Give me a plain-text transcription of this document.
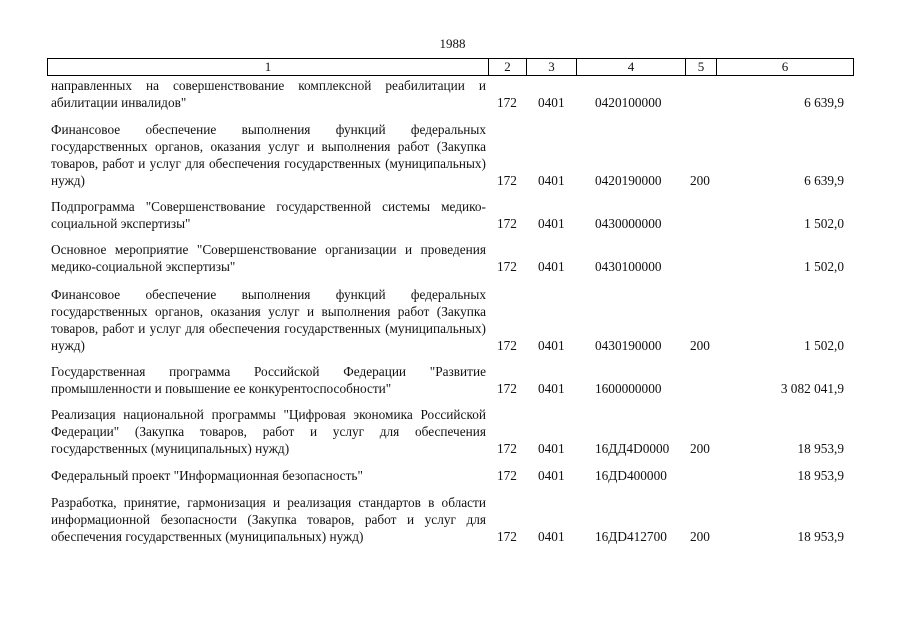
1988
1	2	3	4	5	6
направленных на совершенствование комплексной реабилитации и абилитации инвалидов"	172 0401 0420100000	6 639,9
Финансовое обеспечение выполнения функций федеральных государственных органов, оказания услуг и выполнения работ (Закупка товаров, работ и услуг для обеспечения государственных (муниципальных) нужд)	172 0401 0420190000 200	6 639,9
Подпрограмма "Совершенствование государственной системы медико-социальной экспертизы"	172 0401 0430000000	1 502,0
Основное мероприятие "Совершенствование организации и проведения медико-социальной экспертизы"	172 0401 0430100000	1 502,0
Финансовое обеспечение выполнения функций федеральных государственных органов, оказания услуг и выполнения работ (Закупка товаров, работ и услуг для обеспечения государственных (муниципальных) нужд)	172 0401 0430190000 200	1 502,0
Государственная программа Российской Федерации "Развитие промышленности и повышение ее конкурентоспособности"	172 0401 1600000000	3 082 041,9
Реализация национальной программы "Цифровая экономика Российской Федерации" (Закупка товаров, работ и услуг для обеспечения государственных (муниципальных) нужд)	172 0401 16ДД4D0000 200	18 953,9
Федеральный проект "Информационная безопасность"	172 0401 16ДD400000	18 953,9
Разработка, принятие, гармонизация и реализация стандартов в области информационной безопасности (Закупка товаров, работ и услуг для обеспечения государственных (муниципальных) нужд)	172 0401 16ДD412700 200	18 953,9
